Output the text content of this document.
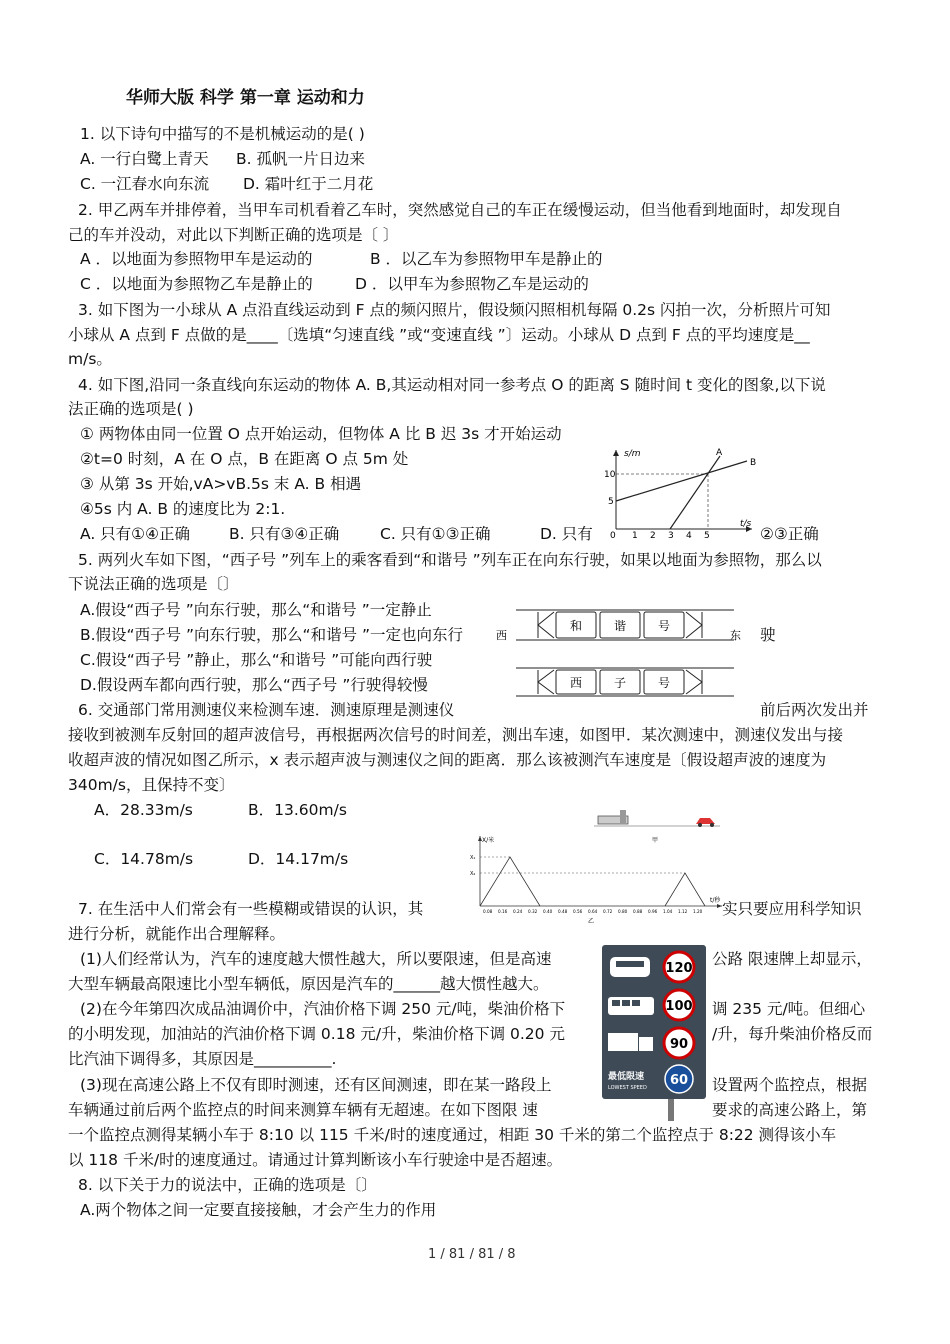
华师大版 科学 第一章 运动和力
1. 以下诗句中描写的不是机械运动的是( )
A. 一行白鹭上青天 B. 孤帆一片日边来
C. 一江春水向东流 D. 霜叶红于二月花
2. 甲乙两车并排停着，当甲车司机看着乙车时，突然感觉自己的车正在缓慢运动，但当他看到地面时，却发现自
己的车并没动，对此以下判断正确的选项是〔 〕
A ．以地面为参照物甲车是运动的	B ．以乙车为参照物甲车是静止的
C ．以地面为参照物乙车是静止的	D ．以甲车为参照物乙车是运动的
3. 如下图为一小球从 A 点沿直线运动到 F 点的频闪照片，假设频闪照相机每隔 0.2s 闪拍一次，分析照片可知
小球从 A 点到 F 点做的是____〔选填“匀速直线 ”或“变速直线 ”〕运动。小球从 D 点到 F 点的平均速度是__
m/s。
4. 如下图,沿同一条直线向东运动的物体 A. B,其运动相对同一参考点 O 的距离 S 随时间 t 变化的图象,以下说
法正确的选项是( )
① 两物体由同一位置 O 点开始运动，但物体 A 比 B 迟 3s 才开始运动
②t=0 时刻，A 在 O 点，B 在距离 O 点 5m 处
③ 从第 3s 开始,vA>vB.5s 末 A. B 相遇
④5s 内 A. B 的速度比为 2:1.
A. 只有①④正确	B. 只有③④正确	C. 只有①③正确	D. 只有	②③正确
s/m
t/s
10
5
0 1 2 3 4 5
A
B
5. 两列火车如下图，“西子号 ”列车上的乘客看到“和谐号 ”列车正在向东行驶，如果以地面为参照物，那么以
下说法正确的选项是〔〕
A.假设“西子号 ”向东行驶，那么“和谐号 ”一定静止
B.假设“西子号 ”向东行驶，那么“和谐号 ”一定也向东行	驶
C.假设“西子号 ”静止，那么“和谐号 ”可能向西行驶
D.假设两车都向西行驶，那么“西子号 ”行驶得较慢
和	谐	号
西	东
西	子	号
6. 交通部门常用测速仪来检测车速．测速原理是测速仪	前后两次发出并
接收到被测车反射回的超声波信号，再根据两次信号的时间差，测出车速，如图甲．某次测速中，测速仪发出与接
收超声波的情况如图乙所示，x 表示超声波与测速仪之间的距离．那么该被测汽车速度是〔假设超声波的速度为
340m/s，且保持不变〕
A．28.33m/s	B．13.60m/s
C．14.78m/s	D．14.17m/s
甲
X/米
t/秒
X₁
X₂
0.08 0.16 0.24 0.32 0.40 0.48 0.56 0.64 0.72 0.80 0.88 0.96 1.04 1.12 1.20
乙
7. 在生活中人们常会有一些模糊或错误的认识，其	实只要应用科学知识
进行分析，就能作出合理解释。
(1)人们经常认为，汽车的速度越大惯性越大，所以要限速，但是高速	公路 限速牌上却显示，
大型车辆最高限速比小型车辆低，原因是汽车的______越大惯性越大。
(2)在今年第四次成品油调价中，汽油价格下调 250 元/吨，柴油价格下	调 235 元/吨。但细心
的小明发现，加油站的汽油价格下调 0.18 元/升，柴油价格下调 0.20 元	/升，每升柴油价格反而
比汽油下调得多，其原因是__________.
(3)现在高速公路上不仅有即时测速，还有区间测速，即在某一路段上	设置两个监控点，根据
车辆通过前后两个监控点的时间来测算车辆有无超速。在如下图限 速	要求的高速公路上，第
一个监控点测得某辆小车于 8:10 以 115 千米/时的速度通过，相距 30 千米的第二个监控点于 8:22 测得该小车
以 118 千米/时的速度通过。请通过计算判断该小车行驶途中是否超速。
120
100
90
最低限速
LOWEST SPEED 60
8. 以下关于力的说法中，正确的选项是〔〕
A.两个物体之间一定要直接接触，才会产生力的作用
1 / 81 / 81 / 8
